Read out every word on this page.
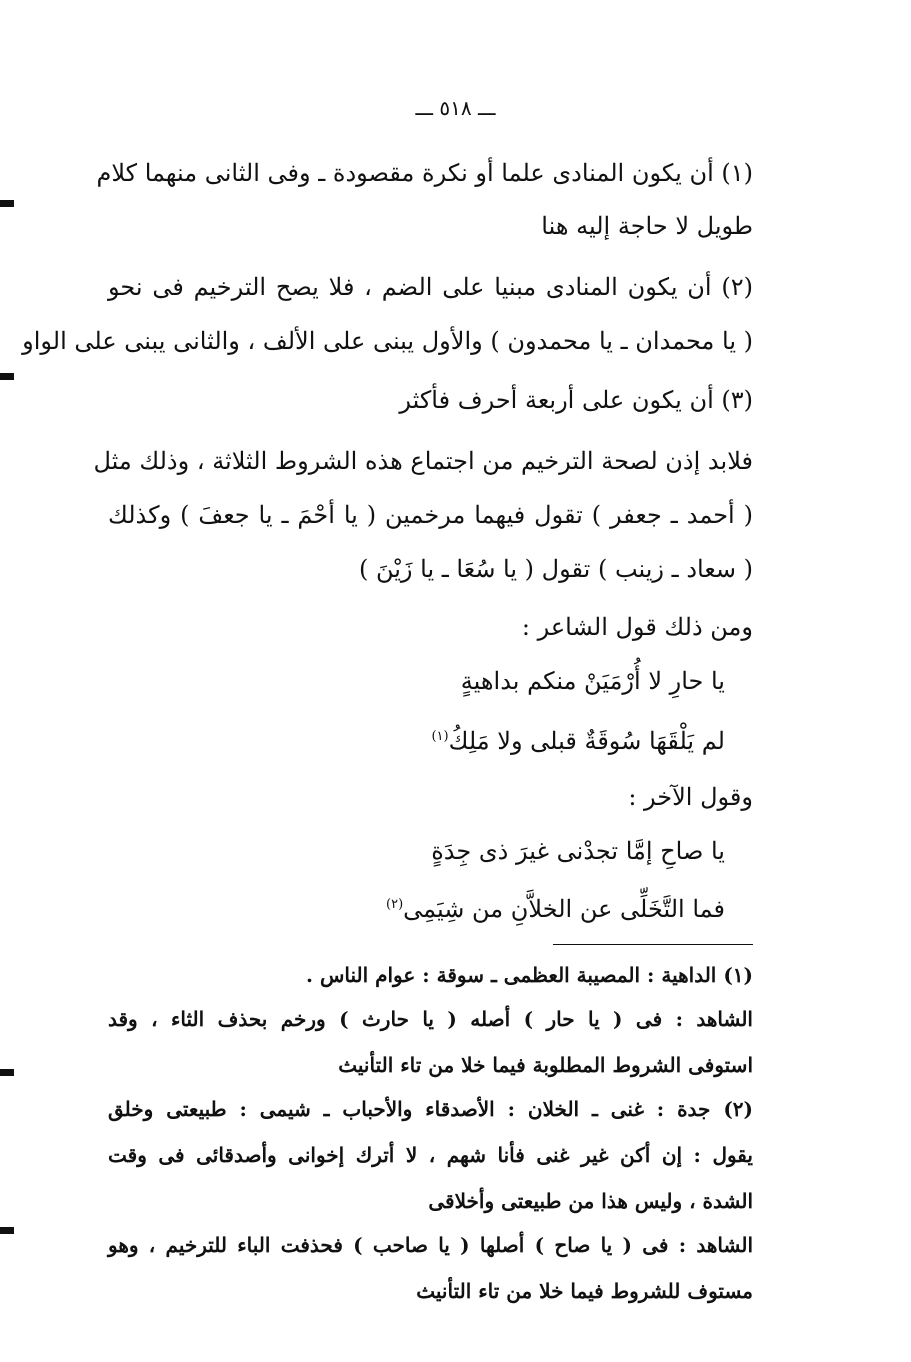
ـــ ٥١٨ ـــ
(١) أن يكون المنادى علما أو نكرة مقصودة ـ وفى الثانى منهما كلام
طويل لا حاجة إليه هنا
(٢) أن يكون المنادى مبنيا على الضم ، فلا يصح الترخيم فى نحو
( يا محمدان ـ يا محمدون ) والأول يبنى على الألف ، والثانى يبنى على الواو
(٣) أن يكون على أربعة أحرف فأكثر
فلابد إذن لصحة الترخيم من اجتماع هذه الشروط الثلاثة ، وذلك مثل
( أحمد ـ جعفر ) تقول فيهما مرخمين ( يا أحْمَ ـ يا جعفَ ) وكذلك
( سعاد ـ زينب ) تقول ( يا سُعَا ـ يا زَيْنَ )
ومن ذلك قول الشاعر :
يا حارِ لا أُرْمَيَنْ منكم بداهيةٍ
لم يَلْقَهَا سُوقَةٌ قبلى ولا مَلِكُ$^{(١)}$
وقول الآخر :
يا صاحِ إمَّا تجدْنى غيرَ ذى جِدَةٍ
فما التَّخَلِّى عن الخلاَّنِ من شِيَمِى$^{(٢)}$
(١) الداهية : المصيبة العظمى ـ سوقة : عوام الناس .
الشاهد : فى ( يا حار ) أصله ( يا حارث ) ورخم بحذف الثاء ، وقد
استوفى الشروط المطلوبة فيما خلا من تاء التأنيث
(٢) جدة : غنى ـ الخلان : الأصدقاء والأحباب ـ شيمى : طبيعتى وخلق
يقول : إن أكن غير غنى فأنا شهم ، لا أترك إخوانى وأصدقائى فى وقت
الشدة ، وليس هذا من طبيعتى وأخلاقى
الشاهد : فى ( يا صاح ) أصلها ( يا صاحب ) فحذفت الباء للترخيم ، وهو
مستوف للشروط فيما خلا من تاء التأنيث
